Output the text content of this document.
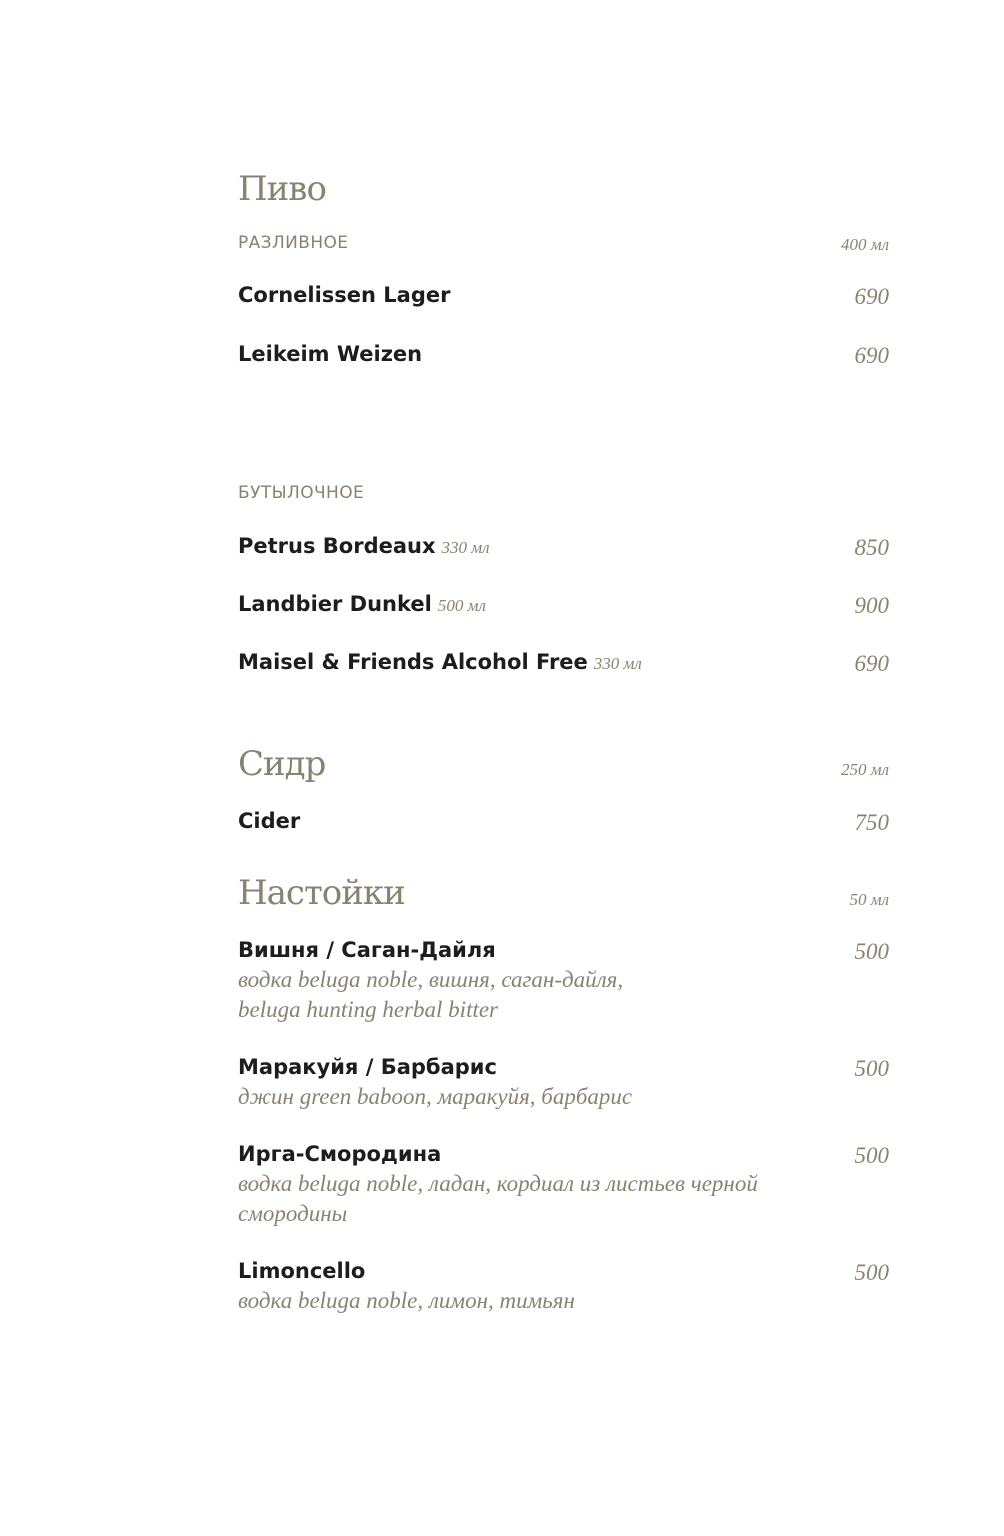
Пиво
РАЗЛИВНОЕ	400 мл
Cornelissen Lager	690
Leikeim Weizen	690
БУТЫЛОЧНОЕ
Petrus Bordeaux 330 мл	850
Landbier Dunkel 500 мл	900
Maisel & Friends Alcohol Free 330 мл	690
Сидр	250 мл
Cider	750
Настойки	50 мл
Вишня / Саган-Дайля	500
водка beluga noble, вишня, саган-дайля,
beluga hunting herbal bitter
Маракуйя / Барбарис	500
джин green baboon, маракуйя, барбарис
Ирга-Смородина	500
водка beluga noble, ладан, кордиал из листьев черной
смородины
Limoncello	500
водка beluga noble, лимон, тимьян
